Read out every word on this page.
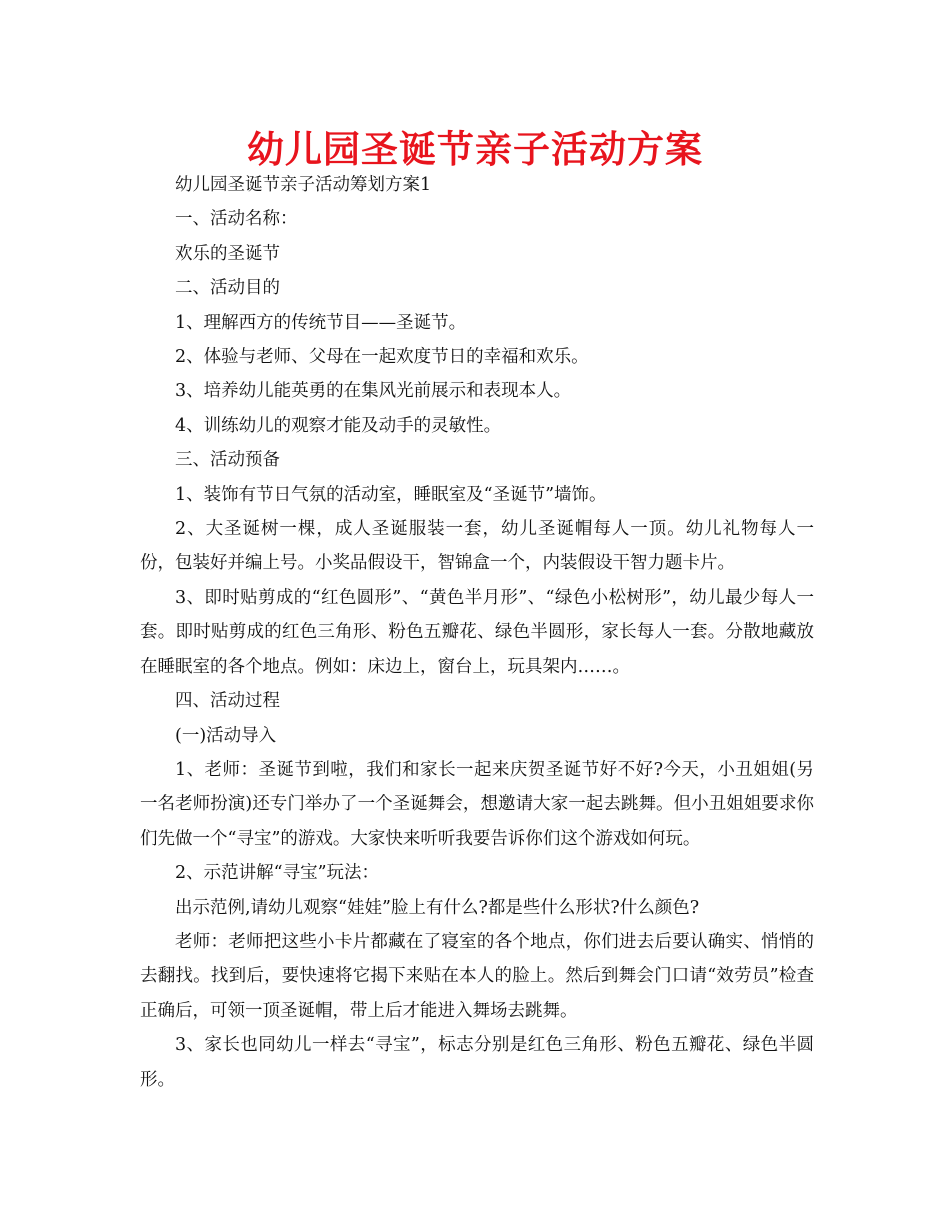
幼儿园圣诞节亲子活动方案

幼儿园圣诞节亲子活动筹划方案1

一、活动名称：

欢乐的圣诞节

二、活动目的

1、理解西方的传统节目——圣诞节。

2、体验与老师、父母在一起欢度节日的幸福和欢乐。

3、培养幼儿能英勇的在集风光前展示和表现本人。

4、训练幼儿的观察才能及动手的灵敏性。

三、活动预备

1、装饰有节日气氛的活动室，睡眠室及“圣诞节”墙饰。

2、大圣诞树一棵，成人圣诞服装一套，幼儿圣诞帽每人一顶。幼儿礼物每人一份，包装好并编上号。小奖品假设干，智锦盒一个，内装假设干智力题卡片。

3、即时贴剪成的“红色圆形”、“黄色半月形”、“绿色小松树形”，幼儿最少每人一套。即时贴剪成的红色三角形、粉色五瓣花、绿色半圆形，家长每人一套。分散地藏放在睡眠室的各个地点。例如：床边上，窗台上，玩具架内……。

四、活动过程

(一)活动导入

1、老师：圣诞节到啦，我们和家长一起来庆贺圣诞节好不好?今天，小丑姐姐(另一名老师扮演)还专门举办了一个圣诞舞会，想邀请大家一起去跳舞。但小丑姐姐要求你们先做一个“寻宝”的游戏。大家快来听听我要告诉你们这个游戏如何玩。

2、示范讲解“寻宝”玩法：

出示范例,请幼儿观察“娃娃”脸上有什么?都是些什么形状?什么颜色?

老师：老师把这些小卡片都藏在了寝室的各个地点，你们进去后要认确实、悄悄的去翻找。找到后，要快速将它揭下来贴在本人的脸上。然后到舞会门口请“效劳员”检查正确后，可领一顶圣诞帽，带上后才能进入舞场去跳舞。

3、家长也同幼儿一样去“寻宝”，标志分别是红色三角形、粉色五瓣花、绿色半圆形。
